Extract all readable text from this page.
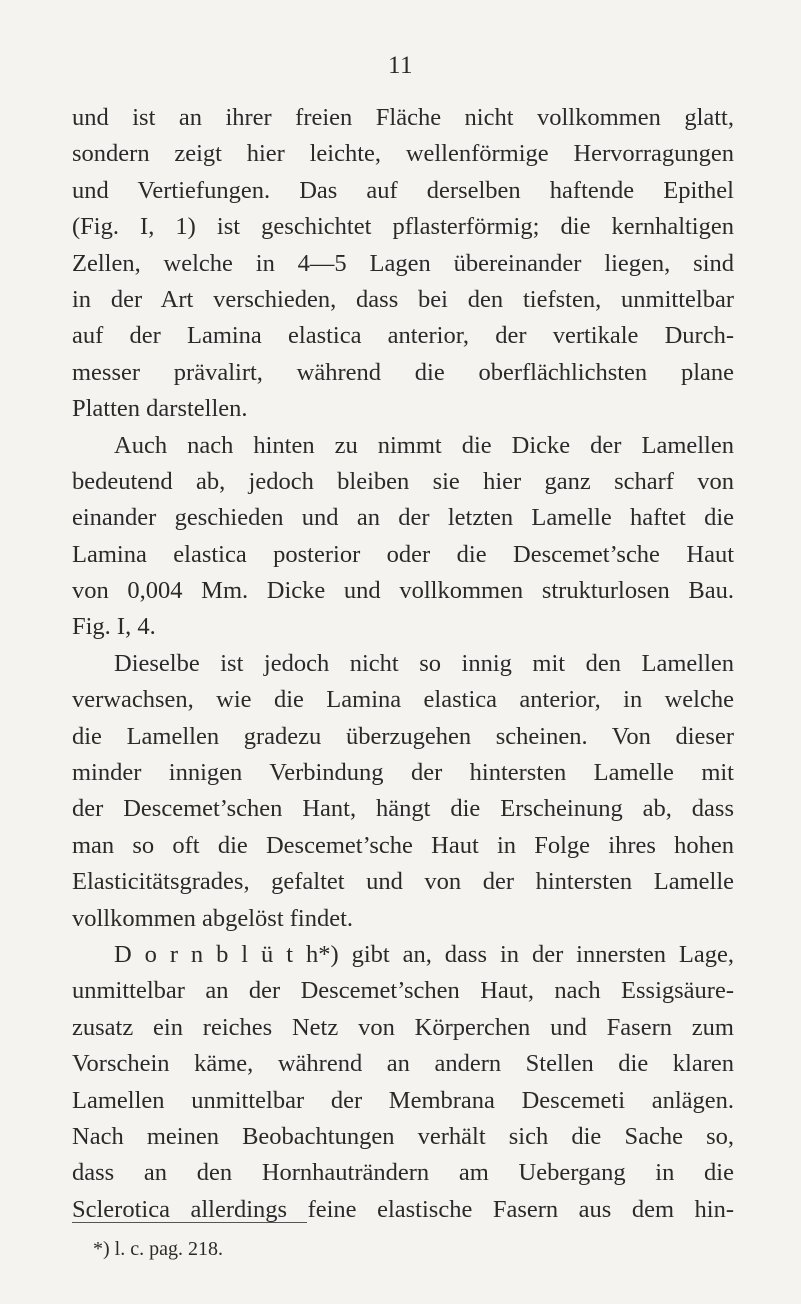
11
und ist an ihrer freien Fläche nicht vollkommen glatt,
sondern zeigt hier leichte, wellenförmige Hervorragungen
und Vertiefungen. Das auf derselben haftende Epithel
(Fig. I, 1) ist geschichtet pflasterförmig; die kernhaltigen
Zellen, welche in 4—5 Lagen übereinander liegen, sind
in der Art verschieden, dass bei den tiefsten, unmittelbar
auf der Lamina elastica anterior, der vertikale Durch-
messer prävalirt, während die oberflächlichsten plane
Platten darstellen.
Auch nach hinten zu nimmt die Dicke der Lamellen
bedeutend ab, jedoch bleiben sie hier ganz scharf von
einander geschieden und an der letzten Lamelle haftet die
Lamina elastica posterior oder die Descemet’sche Haut
von 0,004 Mm. Dicke und vollkommen strukturlosen Bau.
Fig. I, 4.
Dieselbe ist jedoch nicht so innig mit den Lamellen
verwachsen, wie die Lamina elastica anterior, in welche
die Lamellen gradezu überzugehen scheinen. Von dieser
minder innigen Verbindung der hintersten Lamelle mit
der Descemet’schen Hant, hängt die Erscheinung ab, dass
man so oft die Descemet’sche Haut in Folge ihres hohen
Elasticitätsgrades, gefaltet und von der hintersten Lamelle
vollkommen abgelöst findet.
D o r n b l ü t h*) gibt an, dass in der innersten Lage,
unmittelbar an der Descemet’schen Haut, nach Essigsäure-
zusatz ein reiches Netz von Körperchen und Fasern zum
Vorschein käme, während an andern Stellen die klaren
Lamellen unmittelbar der Membrana Descemeti anlägen.
Nach meinen Beobachtungen verhält sich die Sache so,
dass an den Hornhauträndern am Uebergang in die
Sclerotica allerdings feine elastische Fasern aus dem hin-
*) l. c. pag. 218.
